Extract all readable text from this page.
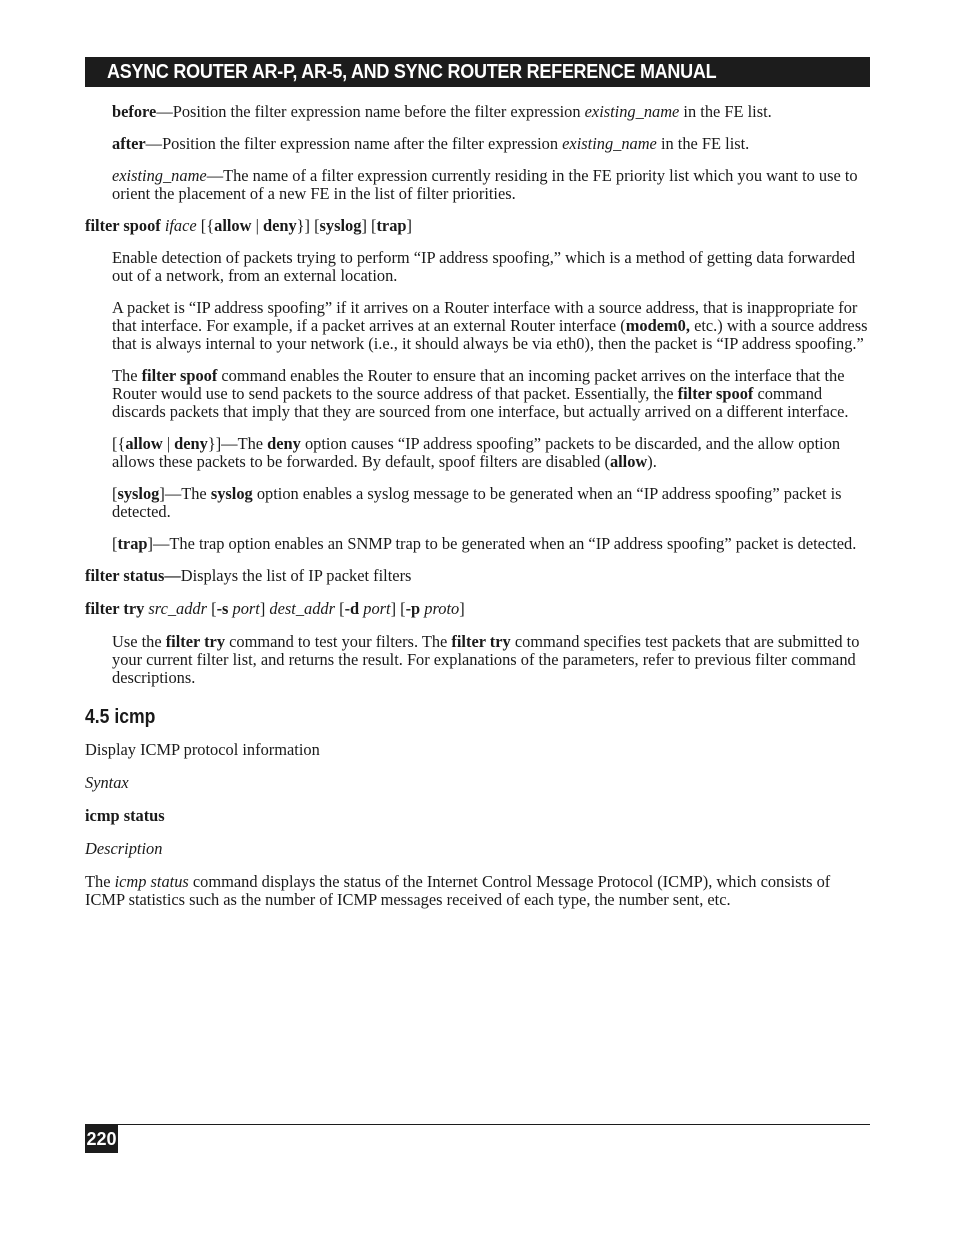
ASYNC ROUTER AR-P, AR-5, AND SYNC ROUTER REFERENCE MANUAL

before—Position the filter expression name before the filter expression existing_name in the FE list.

after—Position the filter expression name after the filter expression existing_name in the FE list.

existing_name—The name of a filter expression currently residing in the FE priority list which you want to use to orient the placement of a new FE in the list of filter priorities.

filter spoof iface [{allow | deny}] [syslog] [trap]

Enable detection of packets trying to perform “IP address spoofing,” which is a method of getting data forwarded out of a network, from an external location.

A packet is “IP address spoofing” if it arrives on a Router interface with a source address, that is inappropriate for that interface. For example, if a packet arrives at an external Router interface (modem0, etc.) with a source address that is always internal to your network (i.e., it should always be via eth0), then the packet is “IP address spoofing.”

The filter spoof command enables the Router to ensure that an incoming packet arrives on the interface that the Router would use to send packets to the source address of that packet. Essentially, the filter spoof command discards packets that imply that they are sourced from one interface, but actually arrived on a different interface.

[{allow | deny}]—The deny option causes “IP address spoofing” packets to be discarded, and the allow option allows these packets to be forwarded. By default, spoof filters are disabled (allow).

[syslog]—The syslog option enables a syslog message to be generated when an “IP address spoofing” packet is detected.

[trap]—The trap option enables an SNMP trap to be generated when an “IP address spoofing” packet is detected.

filter status—Displays the list of IP packet filters

filter try src_addr [-s port] dest_addr [-d port] [-p proto]

Use the filter try command to test your filters. The filter try command specifies test packets that are submitted to your current filter list, and returns the result. For explanations of the parameters, refer to previous filter command descriptions.

4.5 icmp

Display ICMP protocol information

Syntax

icmp status

Description

The icmp status command displays the status of the Internet Control Message Protocol (ICMP), which consists of ICMP statistics such as the number of ICMP messages received of each type, the number sent, etc.

220
